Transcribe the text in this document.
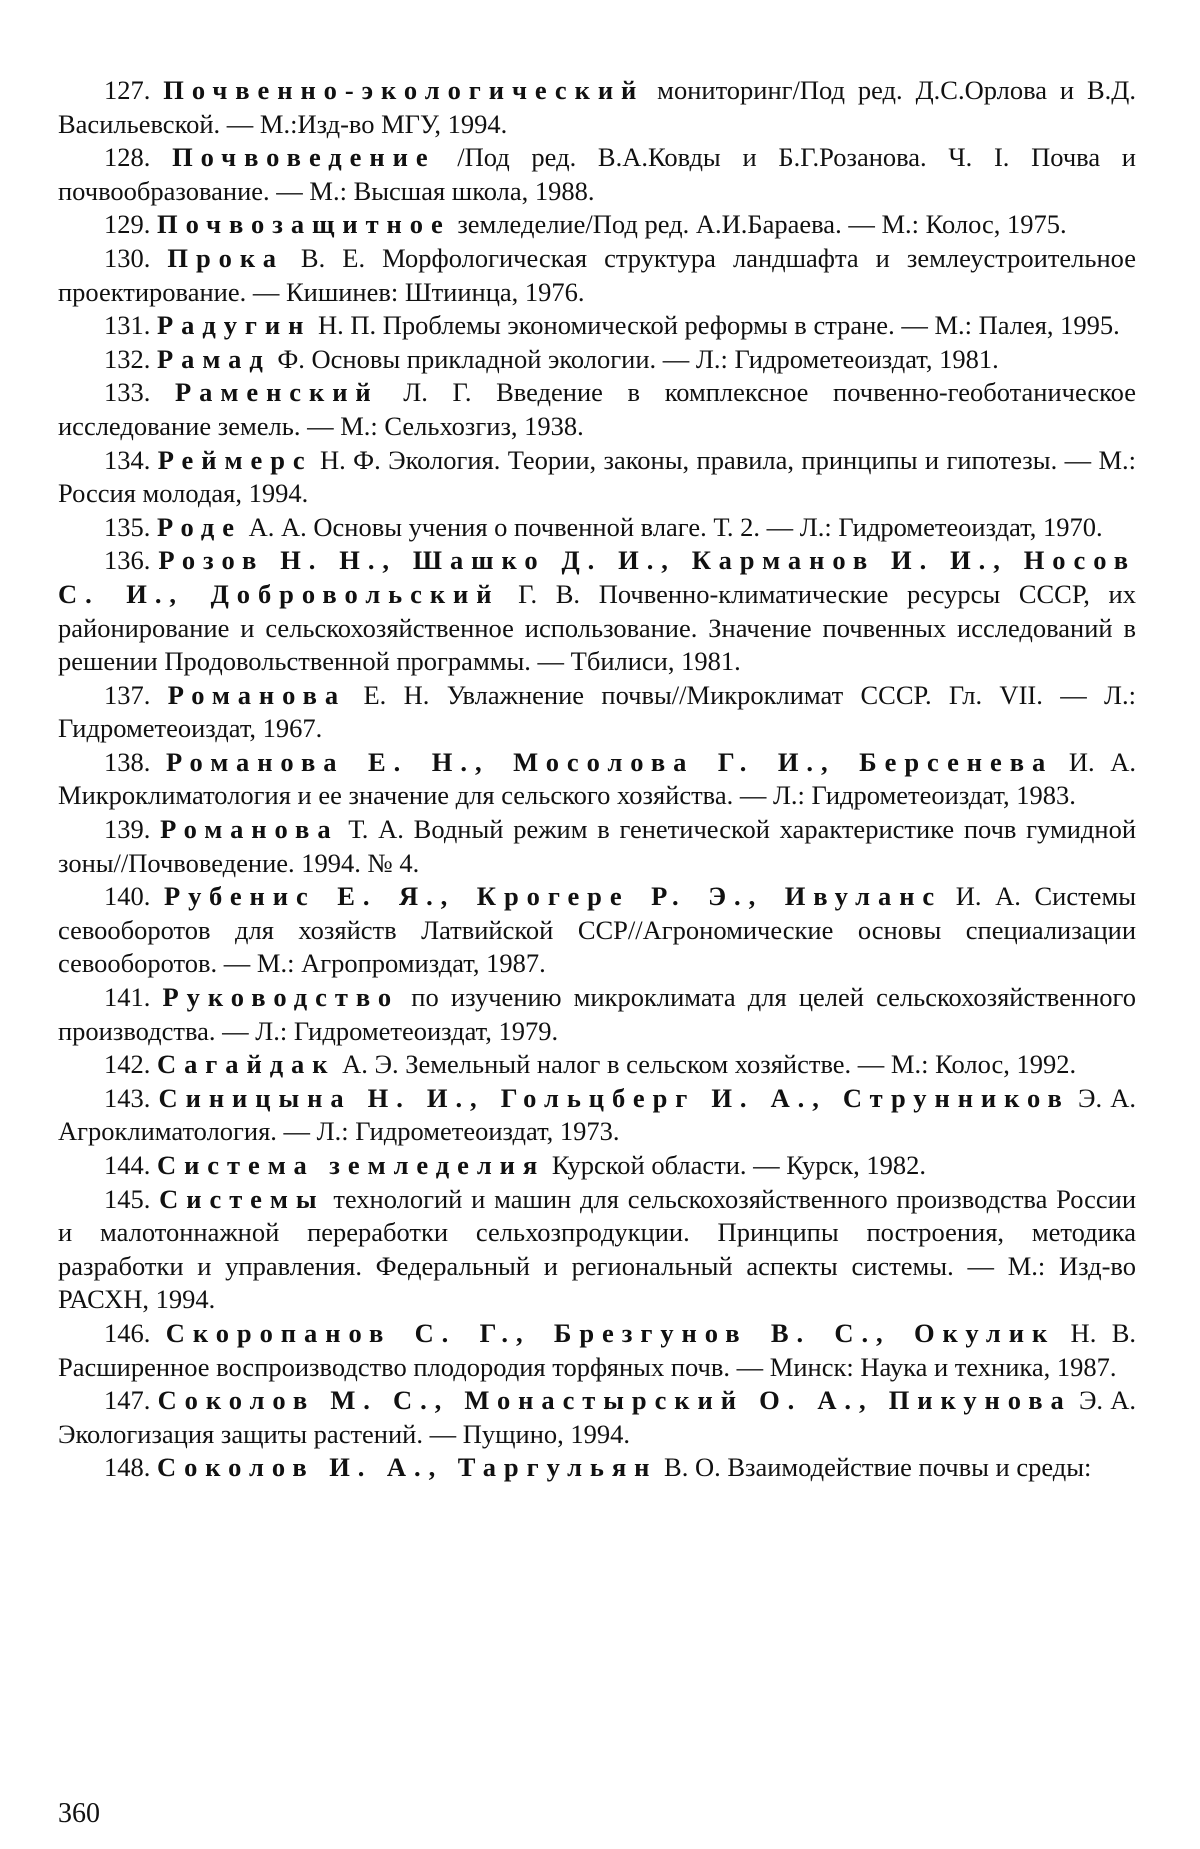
127. Почвенно-экологический мониторинг/Под ред. Д.С.Орлова и В.Д. Васильевской. — М.:Изд-во МГУ, 1994.

128. Почвоведение /Под ред. В.А.Ковды и Б.Г.Розанова. Ч. І. Почва и почвообразование. — М.: Высшая школа, 1988.

129. Почвозащитное земледелие/Под ред. А.И.Бараева. — М.: Колос, 1975.

130. Прока В. Е. Морфологическая структура ландшафта и землеустроительное проектирование. — Кишинев: Штиинца, 1976.

131. Радугин Н. П. Проблемы экономической реформы в стране. — М.: Палея, 1995.

132. Рамад Ф. Основы прикладной экологии. — Л.: Гидрометеоиздат, 1981.

133. Раменский Л. Г. Введение в комплексное почвенно-геоботаническое исследование земель. — М.: Сельхозгиз, 1938.

134. Реймерс Н. Ф. Экология. Теории, законы, правила, принципы и гипотезы. — М.: Россия молодая, 1994.

135. Роде А. А. Основы учения о почвенной влаге. Т. 2. — Л.: Гидрометеоиздат, 1970.

136. Розов Н. Н., Шашко Д. И., Карманов И. И., Носов С. И., Добровольский Г. В. Почвенно-климатические ресурсы СССР, их районирование и сельскохозяйственное использование. Значение почвенных исследований в решении Продовольственной программы. — Тбилиси, 1981.

137. Романова Е. Н. Увлажнение почвы//Микроклимат СССР. Гл. VII. — Л.: Гидрометеоиздат, 1967.

138. Романова Е. Н., Мосолова Г. И., Берсенева И. А. Микроклиматология и ее значение для сельского хозяйства. — Л.: Гидрометеоиздат, 1983.

139. Романова Т. А. Водный режим в генетической характеристике почв гумидной зоны//Почвоведение. 1994. № 4.

140. Рубенис Е. Я., Крогере Р. Э., Ивуланс И. А. Системы севооборотов для хозяйств Латвийской ССР//Агрономические основы специализации севооборотов. — М.: Агропромиздат, 1987.

141. Руководство по изучению микроклимата для целей сельскохозяйственного производства. — Л.: Гидрометеоиздат, 1979.

142. Сагайдак А. Э. Земельный налог в сельском хозяйстве. — М.: Колос, 1992.

143. Синицына Н. И., Гольцберг И. А., Струнников Э. А. Агроклиматология. — Л.: Гидрометеоиздат, 1973.

144. Система земледелия Курской области. — Курск, 1982.

145. Системы технологий и машин для сельскохозяйственного производства России и малотоннажной переработки сельхозпродукции. Принципы построения, методика разработки и управления. Федеральный и региональный аспекты системы. — М.: Изд-во РАСХН, 1994.

146. Скоропанов С. Г., Брезгунов В. С., Окулик Н. В. Расширенное воспроизводство плодородия торфяных почв. — Минск: Наука и техника, 1987.

147. Соколов М. С., Монастырский О. А., Пикунова Э. А. Экологизация защиты растений. — Пущино, 1994.

148. Соколов И. А., Таргульян В. О. Взаимодействие почвы и среды:

360
